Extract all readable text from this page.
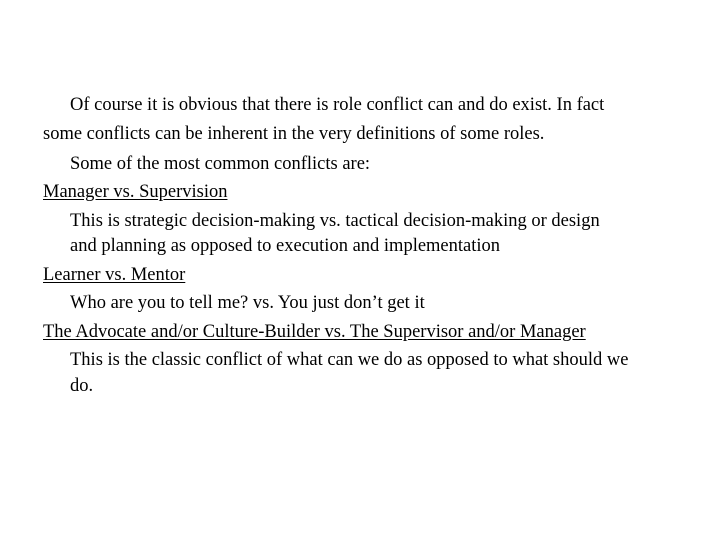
Of course it is obvious that there is role conflict can and do exist. In fact
some conflicts can be inherent in the very definitions of some roles.
Some of the most common conflicts are:
Manager vs. Supervision
This is strategic decision-making vs. tactical decision-making or design
and planning as opposed to execution and implementation
Learner vs. Mentor
Who are you to tell me? vs. You just don’t get it
The Advocate and/or Culture-Builder vs. The Supervisor and/or Manager
This is the classic conflict of what can we do as opposed to what should we
do.
